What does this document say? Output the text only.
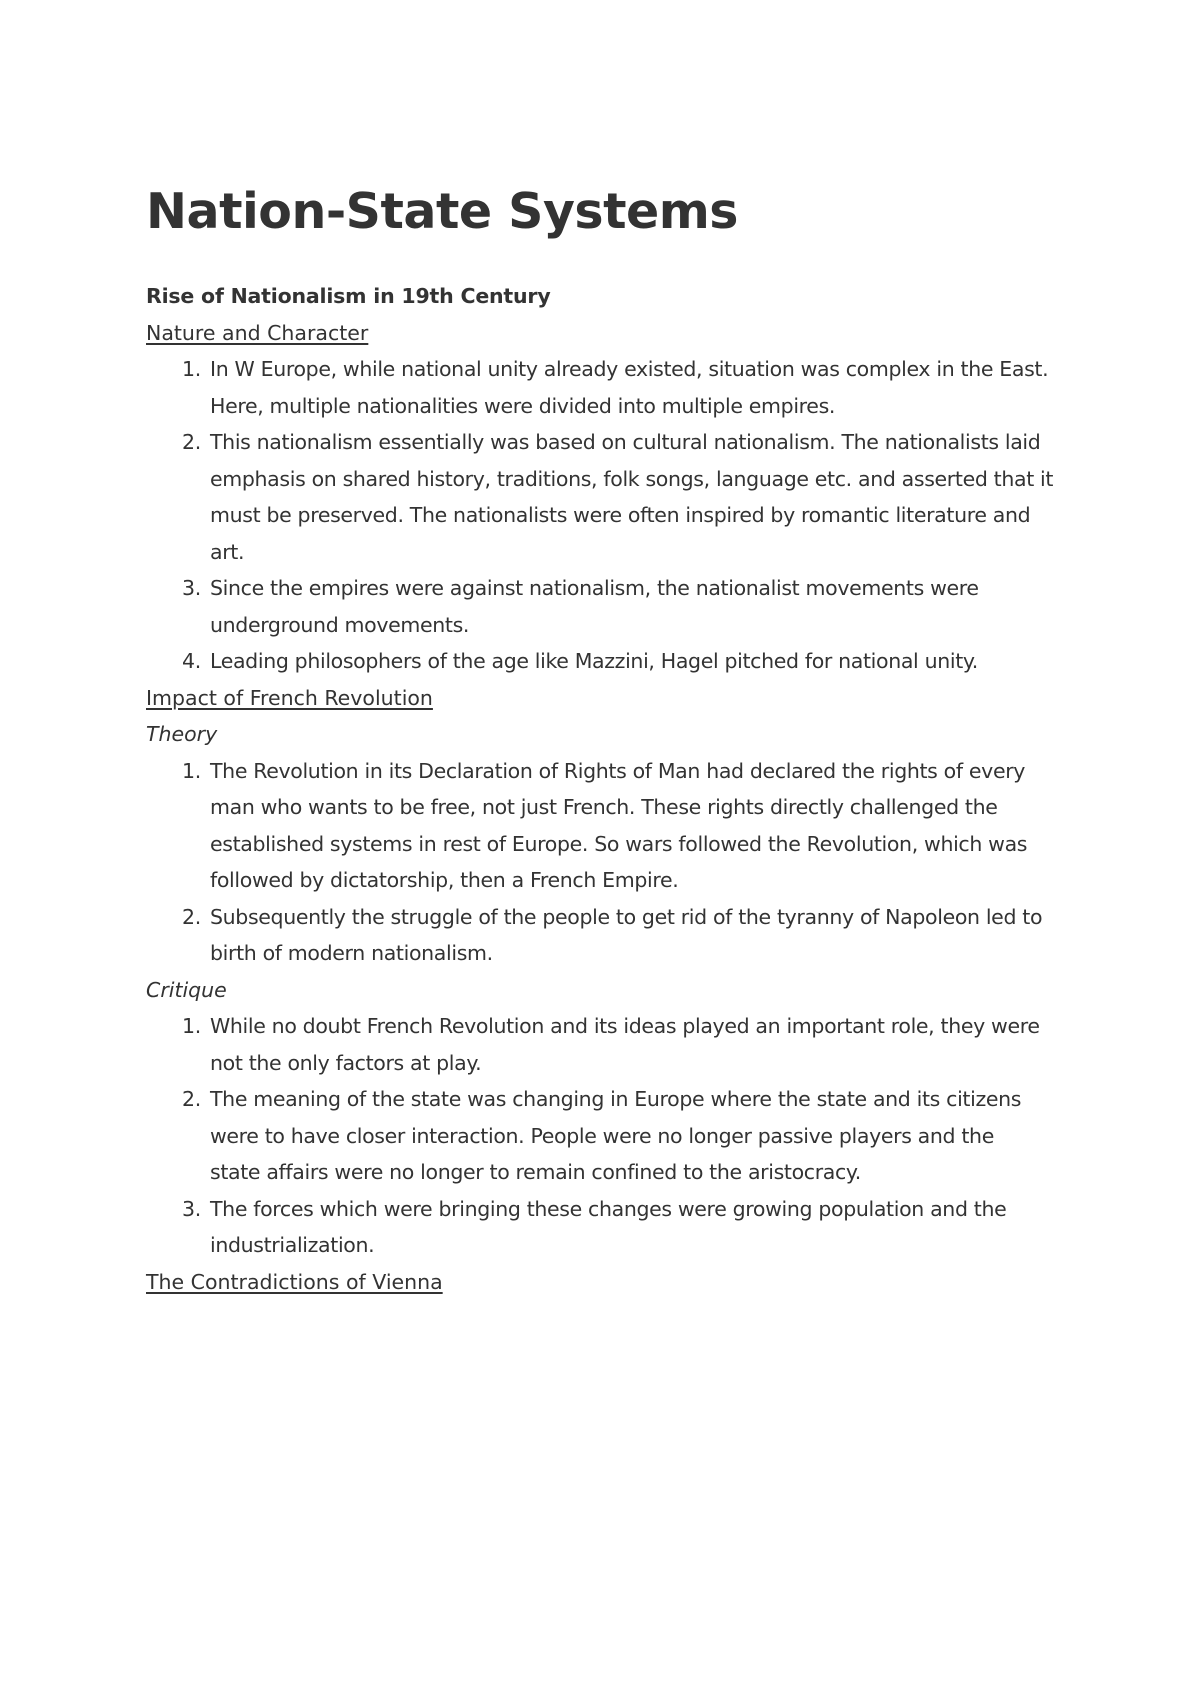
Nation-State Systems

Rise of Nationalism in 19th Century

Nature and Character

1. In W Europe, while national unity already existed, situation was complex in the East. Here, multiple nationalities were divided into multiple empires.
2. This nationalism essentially was based on cultural nationalism. The nationalists laid emphasis on shared history, traditions, folk songs, language etc. and asserted that it must be preserved. The nationalists were often inspired by romantic literature and art.
3. Since the empires were against nationalism, the nationalist movements were underground movements.
4. Leading philosophers of the age like Mazzini, Hagel pitched for national unity.

Impact of French Revolution

Theory

1. The Revolution in its Declaration of Rights of Man had declared the rights of every man who wants to be free, not just French. These rights directly challenged the established systems in rest of Europe. So wars followed the Revolution, which was followed by dictatorship, then a French Empire.
2. Subsequently the struggle of the people to get rid of the tyranny of Napoleon led to birth of modern nationalism.

Critique

1. While no doubt French Revolution and its ideas played an important role, they were not the only factors at play.
2. The meaning of the state was changing in Europe where the state and its citizens were to have closer interaction. People were no longer passive players and the
state affairs were no longer to remain confined to the aristocracy.
3. The forces which were bringing these changes were growing population and the industrialization.

The Contradictions of Vienna
